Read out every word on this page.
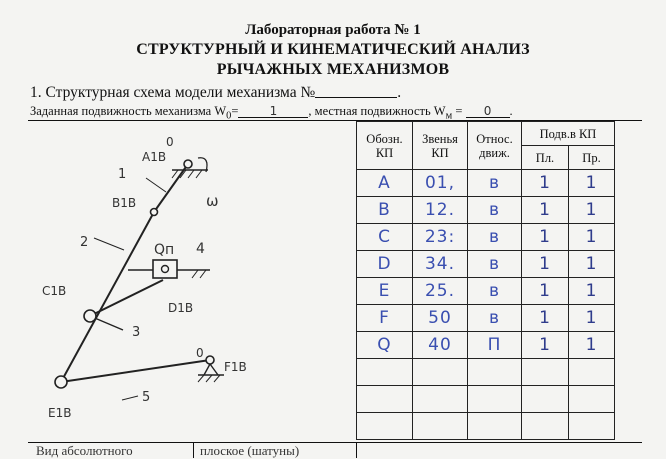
Лабораторная работа № 1
СТРУКТУРНЫЙ И КИНЕМАТИЧЕСКИЙ АНАЛИЗ
РЫЧАЖНЫХ МЕХАНИЗМОВ
1. Структурная схема модели механизма №	.
Заданная подвижность механизма $W_0=$	1 , местная подвижность $W_м = 0$ .
A1B
0
ω
1
B1B
2	Qп 4
C1B
D1B
3
0
F1B
5
E1B
Обозн. КП	Звенья КП	Относ. движ.	Подв.в КП	
			Пл.	Пр.
A	01,	в	1	1
B	12.	в	1	1
C	23:	в	1	1
D	34.	в	1	1
E	25.	в	1	1
F	50	в	1	1
Q	40	П	1	1

Вид абсолютного	плоское (шатуны)
